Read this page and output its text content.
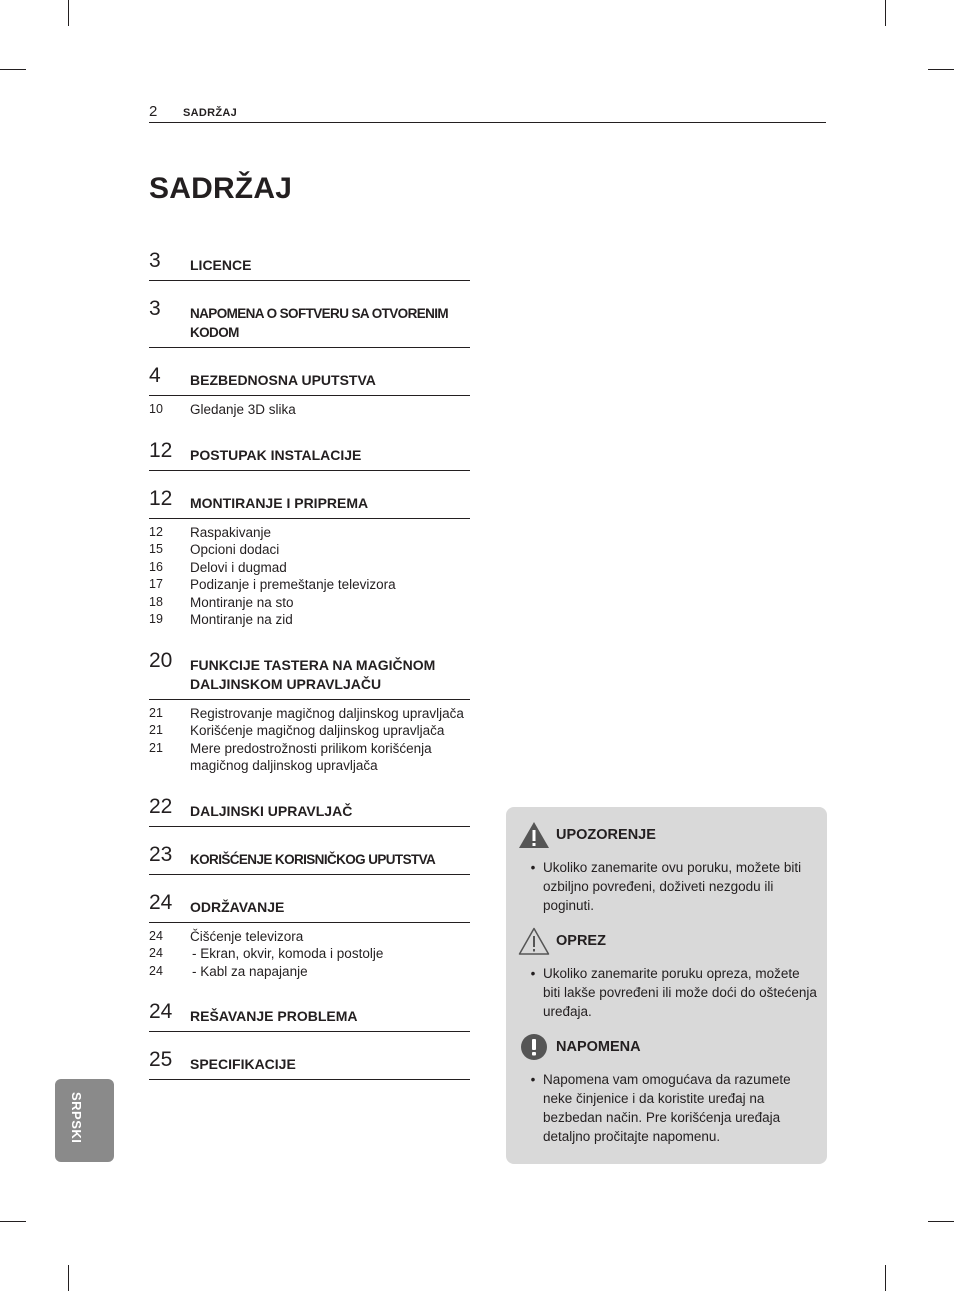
2 SADRŽAJ
SADRŽAJ
3	LICENCE
3	NAPOMENA O SOFTVERU SA OTVORENIM KODOM
4	BEZBEDNOSNA UPUTSTVA
10	Gledanje 3D slika
12	POSTUPAK INSTALACIJE
12	MONTIRANJE I PRIPREMA
12	Raspakivanje
15	Opcioni dodaci
16	Delovi i dugmad
17	Podizanje i premeštanje televizora
18	Montiranje na sto
19	Montiranje na zid
20	FUNKCIJE TASTERA NA MAGIČNOM DALJINSKOM UPRAVLJAČU
21	Registrovanje magičnog daljinskog upravljača
21	Korišćenje magičnog daljinskog upravljača
21	Mere predostrožnosti prilikom korišćenja magičnog daljinskog upravljača
22	DALJINSKI UPRAVLJAČ
23	KORIŠĆENJE KORISNIČKOG UPUTSTVA
24	ODRŽAVANJE
24	Čišćenje televizora
24	- Ekran, okvir, komoda i postolje
24	- Kabl za napajanje
24	REŠAVANJE PROBLEMA
25	SPECIFIKACIJE
SRPSKI
UPOZORENJE
• Ukoliko zanemarite ovu poruku, možete biti ozbiljno povređeni, doživeti nezgodu ili poginuti.
OPREZ
• Ukoliko zanemarite poruku opreza, možete biti lakše povređeni ili može doći do oštećenja uređaja.
NAPOMENA
• Napomena vam omogućava da razumete neke činjenice i da koristite uređaj na bezbedan način. Pre korišćenja uređaja detaljno pročitajte napomenu.
